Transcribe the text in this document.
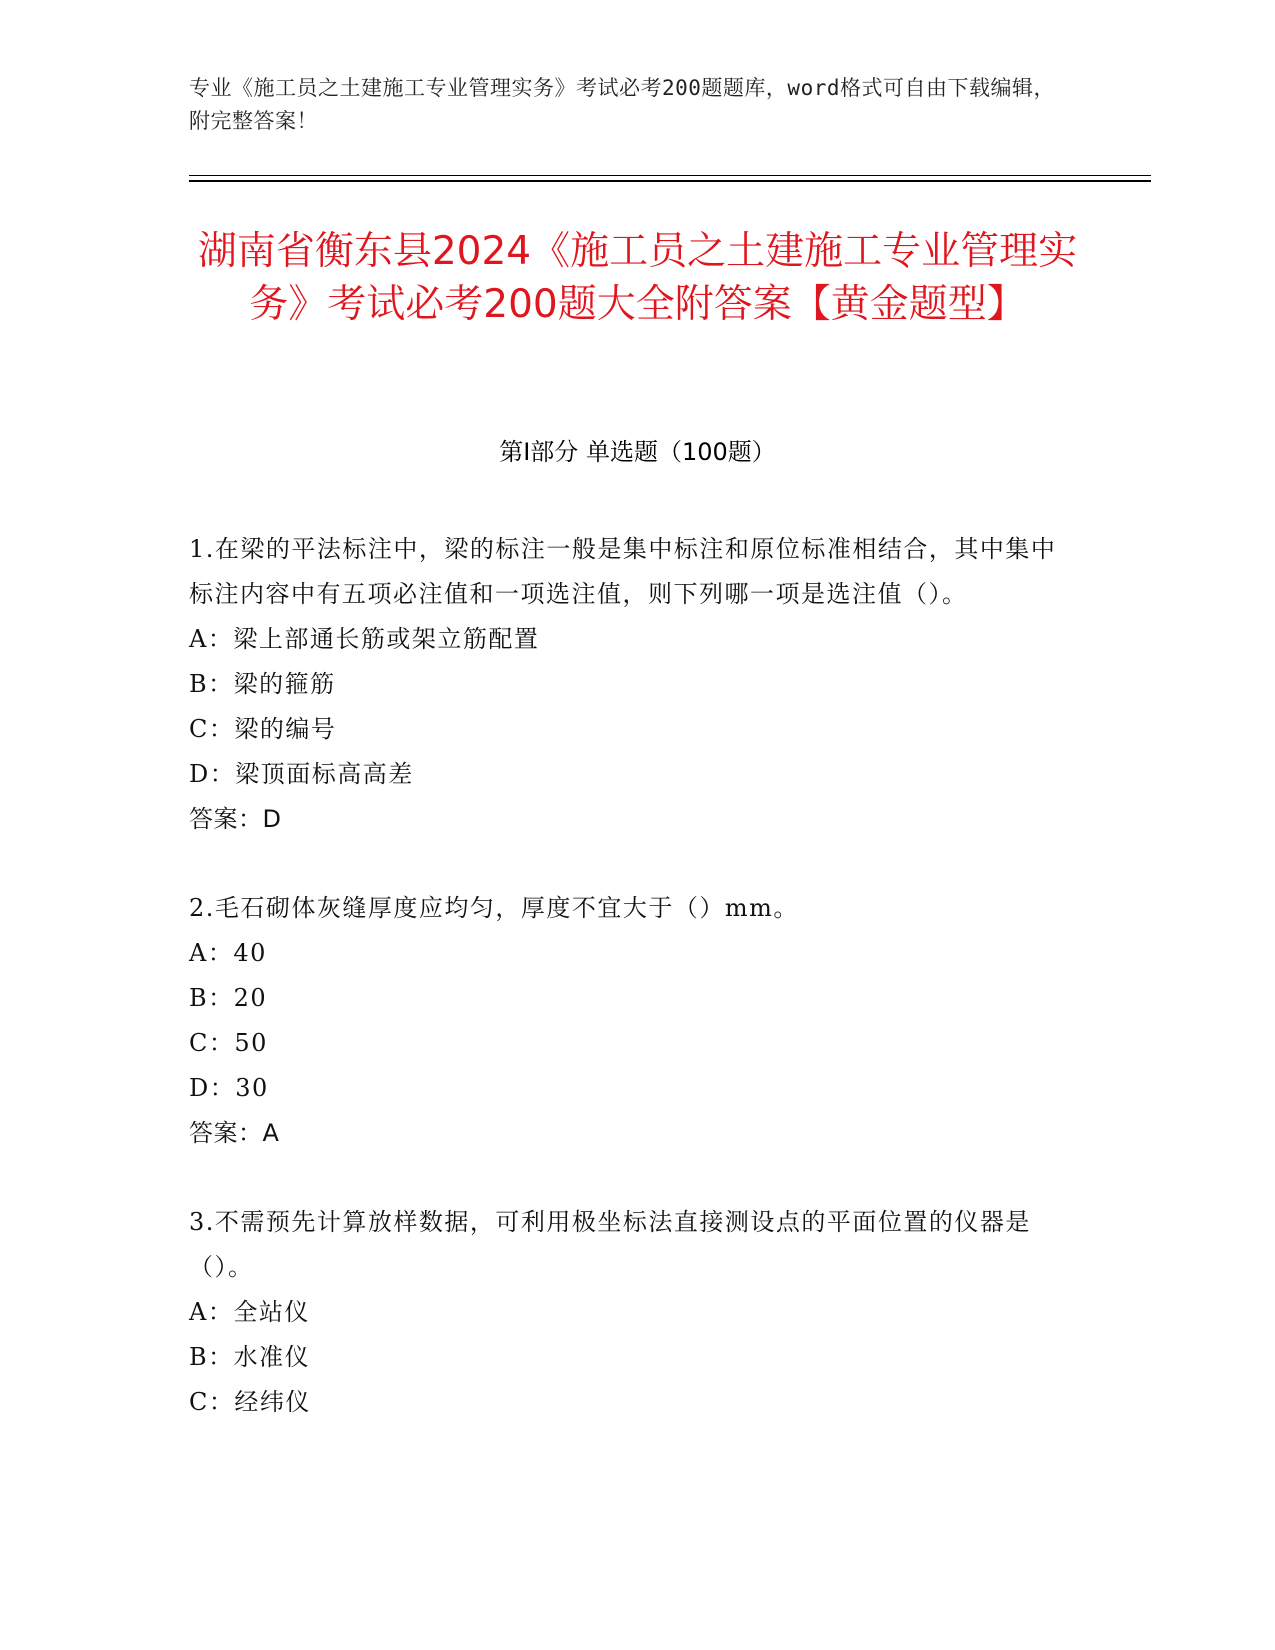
专业《施工员之土建施工专业管理实务》考试必考200题题库，word格式可自由下载编辑，附完整答案！
湖南省衡东县2024《施工员之土建施工专业管理实务》考试必考200题大全附答案【黄金题型】
第Ⅰ部分 单选题（100题）
1.在梁的平法标注中，梁的标注一般是集中标注和原位标准相结合，其中集中标注内容中有五项必注值和一项选注值，则下列哪一项是选注值（）。
A：梁上部通长筋或架立筋配置
B：梁的箍筋
C：梁的编号
D：梁顶面标高高差
答案：D
2.毛石砌体灰缝厚度应均匀，厚度不宜大于（）mm。
A：40
B：20
C：50
D：30
答案：A
3.不需预先计算放样数据，可利用极坐标法直接测设点的平面位置的仪器是（）。
A：全站仪
B：水准仪
C：经纬仪
